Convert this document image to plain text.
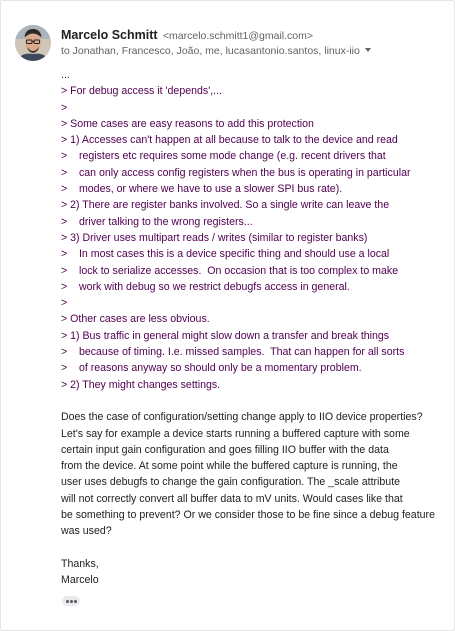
Marcelo Schmitt <marcelo.schmitt1@gmail.com>
to Jonathan, Francesco, João, me, lucasantonio.santos, linux-iio
...
> For debug access it 'depends',...
>
> Some cases are easy reasons to add this protection
> 1) Accesses can't happen at all because to talk to the device and read
>    registers etc requires some mode change (e.g. recent drivers that
>    can only access config registers when the bus is operating in particular
>    modes, or where we have to use a slower SPI bus rate).
> 2) There are register banks involved. So a single write can leave the
>    driver talking to the wrong registers...
> 3) Driver uses multipart reads / writes (similar to register banks)
>    In most cases this is a device specific thing and should use a local
>    lock to serialize accesses.  On occasion that is too complex to make
>    work with debug so we restrict debugfs access in general.
>
> Other cases are less obvious.
> 1) Bus traffic in general might slow down a transfer and break things
>    because of timing. I.e. missed samples.  That can happen for all sorts
>    of reasons anyway so should only be a momentary problem.
> 2) They might changes settings.
Does the case of configuration/setting change apply to IIO device properties?
Let's say for example a device starts running a buffered capture with some
certain input gain configuration and goes filling IIO buffer with the data
from the device. At some point while the buffered capture is running, the
user uses debugfs to change the gain configuration. The _scale attribute
will not correctly convert all buffer data to mV units. Would cases like that
be something to prevent? Or we consider those to be fine since a debug feature
was used?
Thanks,
Marcelo
